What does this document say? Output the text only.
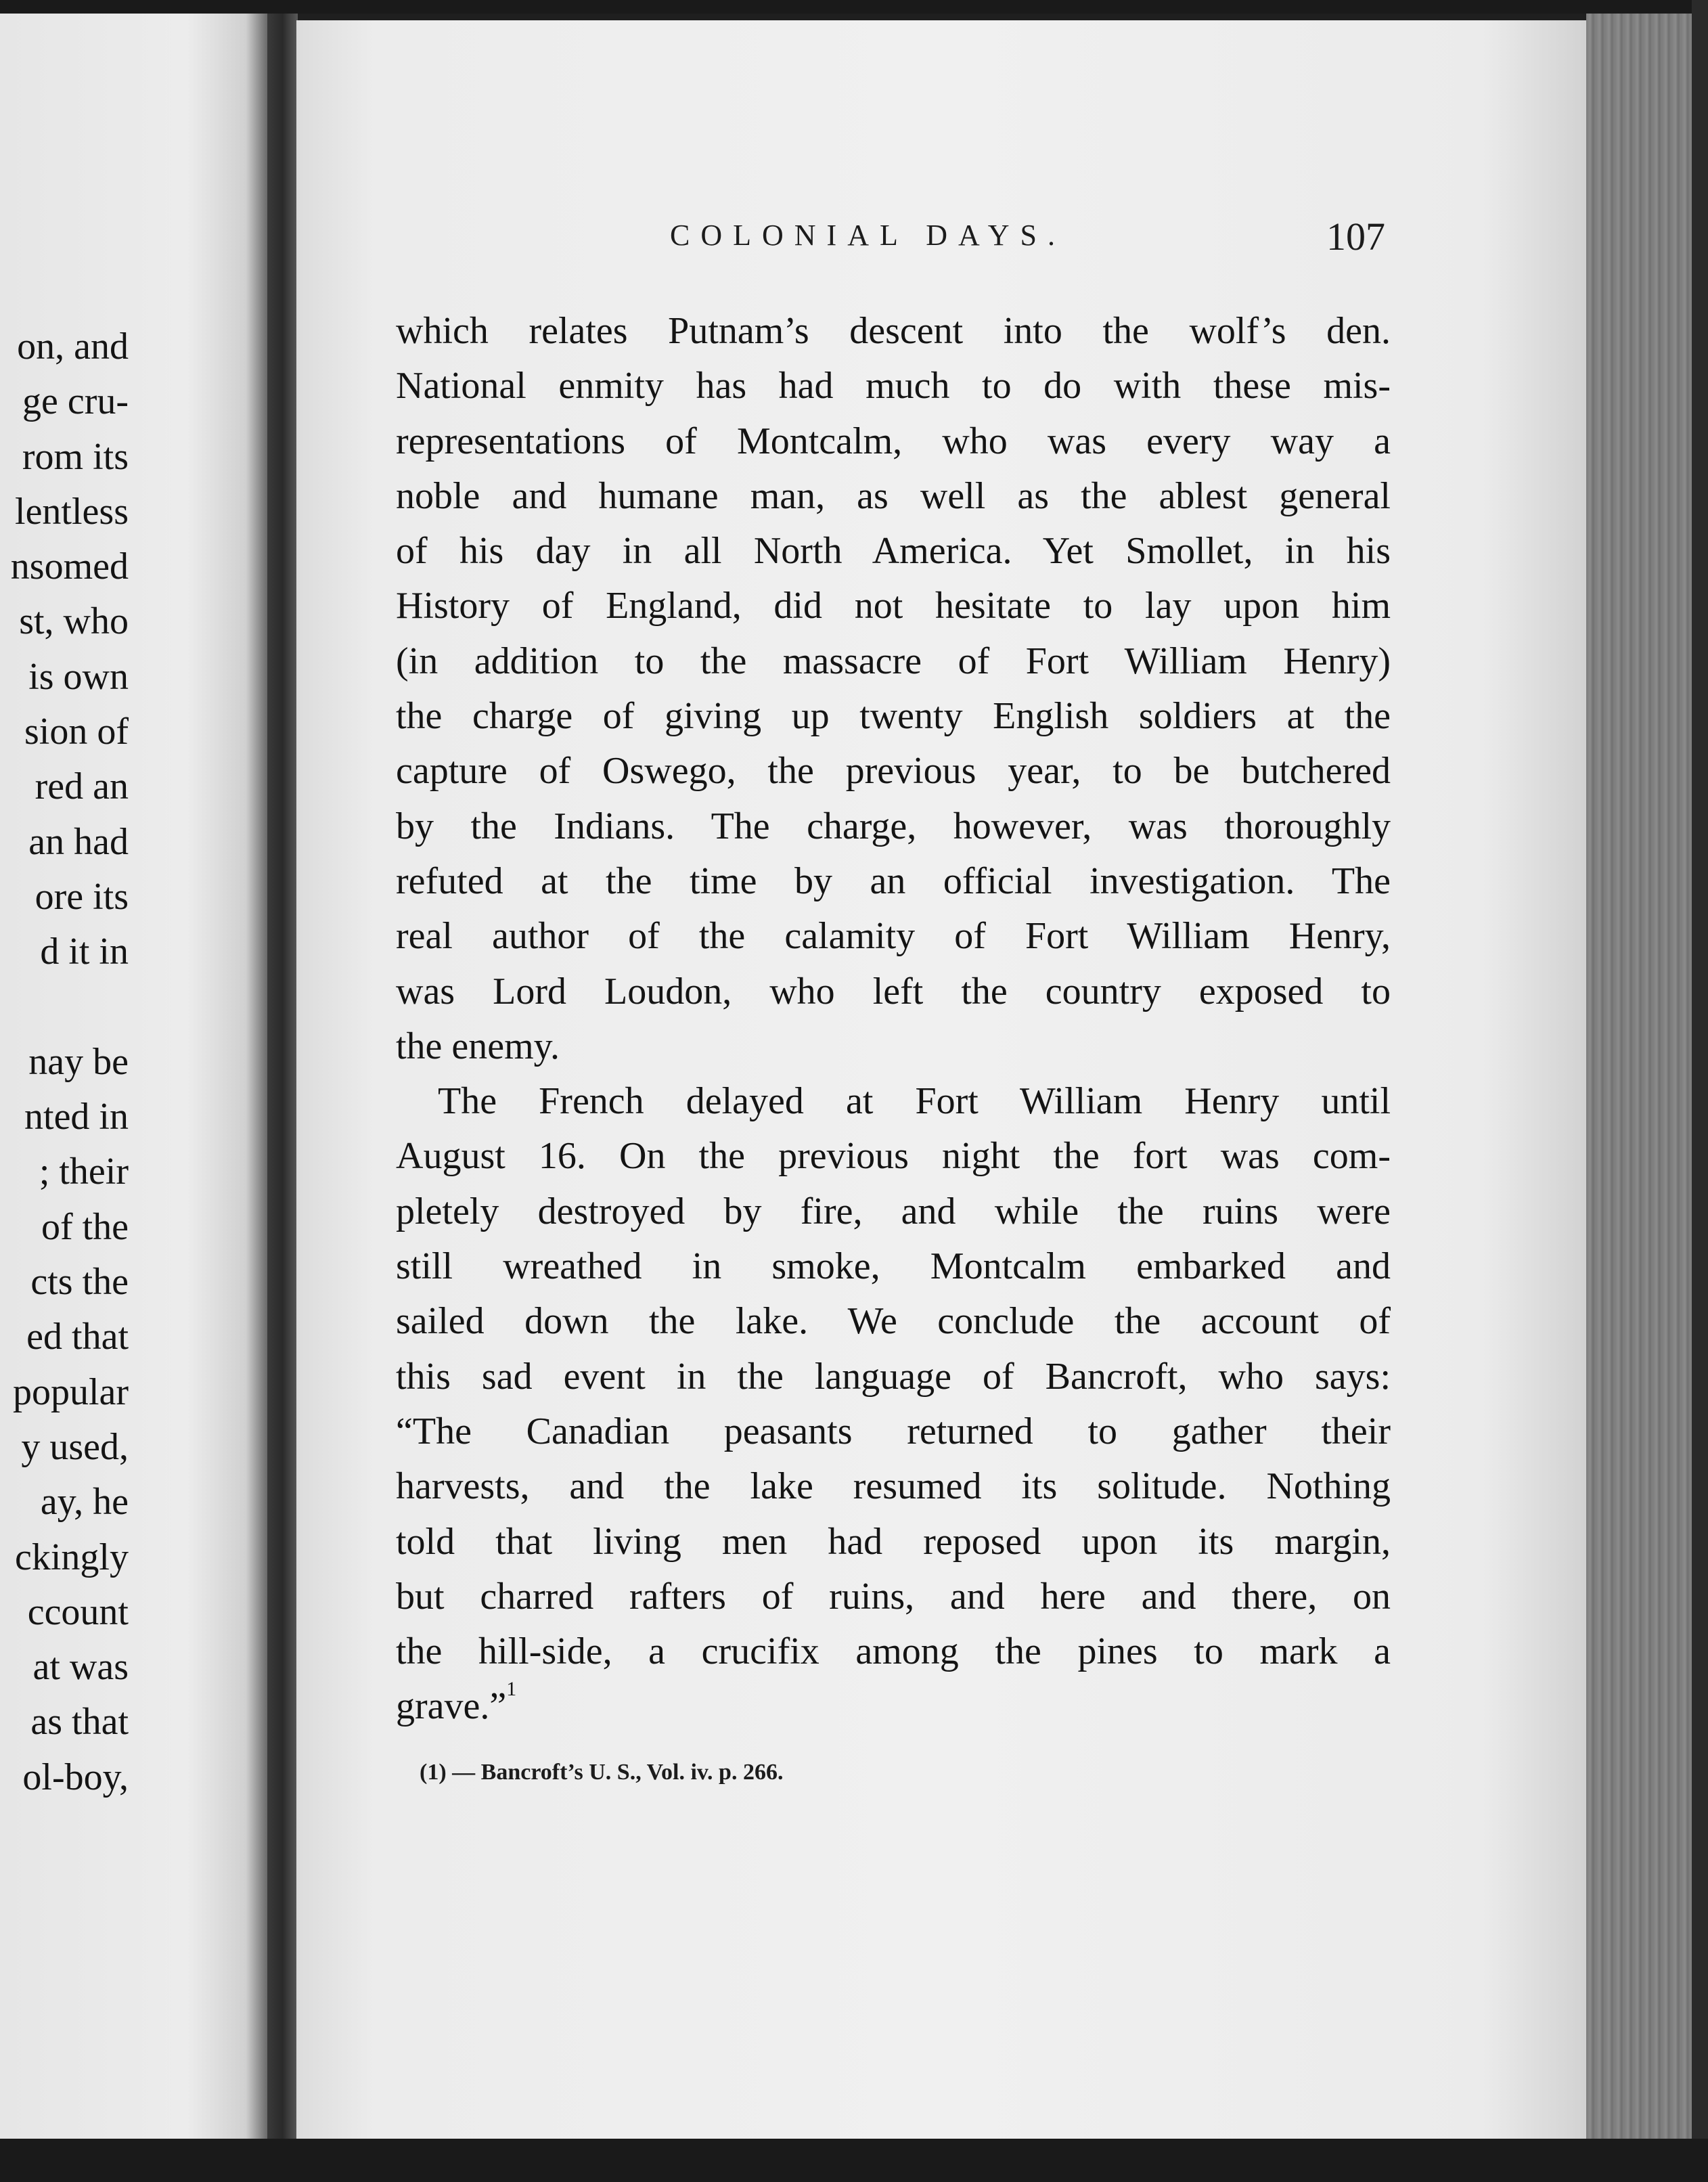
on, and
ge cru-
rom its
lentless
nsomed
st, who
is own
sion of
red an
an had
ore its
d it in
nay be
nted in
; their
of the
cts the
ed that
popular
y used,
ay, he
ckingly
ccount
at was
as that
ol-boy,
COLONIAL DAYS.	107
which relates Putnam’s descent into the wolf’s den.
National enmity has had much to do with these mis-
representations of Montcalm, who was every way a
noble and humane man, as well as the ablest general
of his day in all North America. Yet Smollet, in his
History of England, did not hesitate to lay upon him
(in addition to the massacre of Fort William Henry)
the charge of giving up twenty English soldiers at the
capture of Oswego, the previous year, to be butchered
by the Indians. The charge, however, was thoroughly
refuted at the time by an official investigation. The
real author of the calamity of Fort William Henry,
was Lord Loudon, who left the country exposed to
the enemy.
The French delayed at Fort William Henry until
August 16. On the previous night the fort was com-
pletely destroyed by fire, and while the ruins were
still wreathed in smoke, Montcalm embarked and
sailed down the lake. We conclude the account of
this sad event in the language of Bancroft, who says:
“The Canadian peasants returned to gather their
harvests, and the lake resumed its solitude. Nothing
told that living men had reposed upon its margin,
but charred rafters of ruins, and here and there, on
the hill-side, a crucifix among the pines to mark a
grave.”$^1$
(1) — Bancroft’s U. S., Vol. iv. p. 266.
